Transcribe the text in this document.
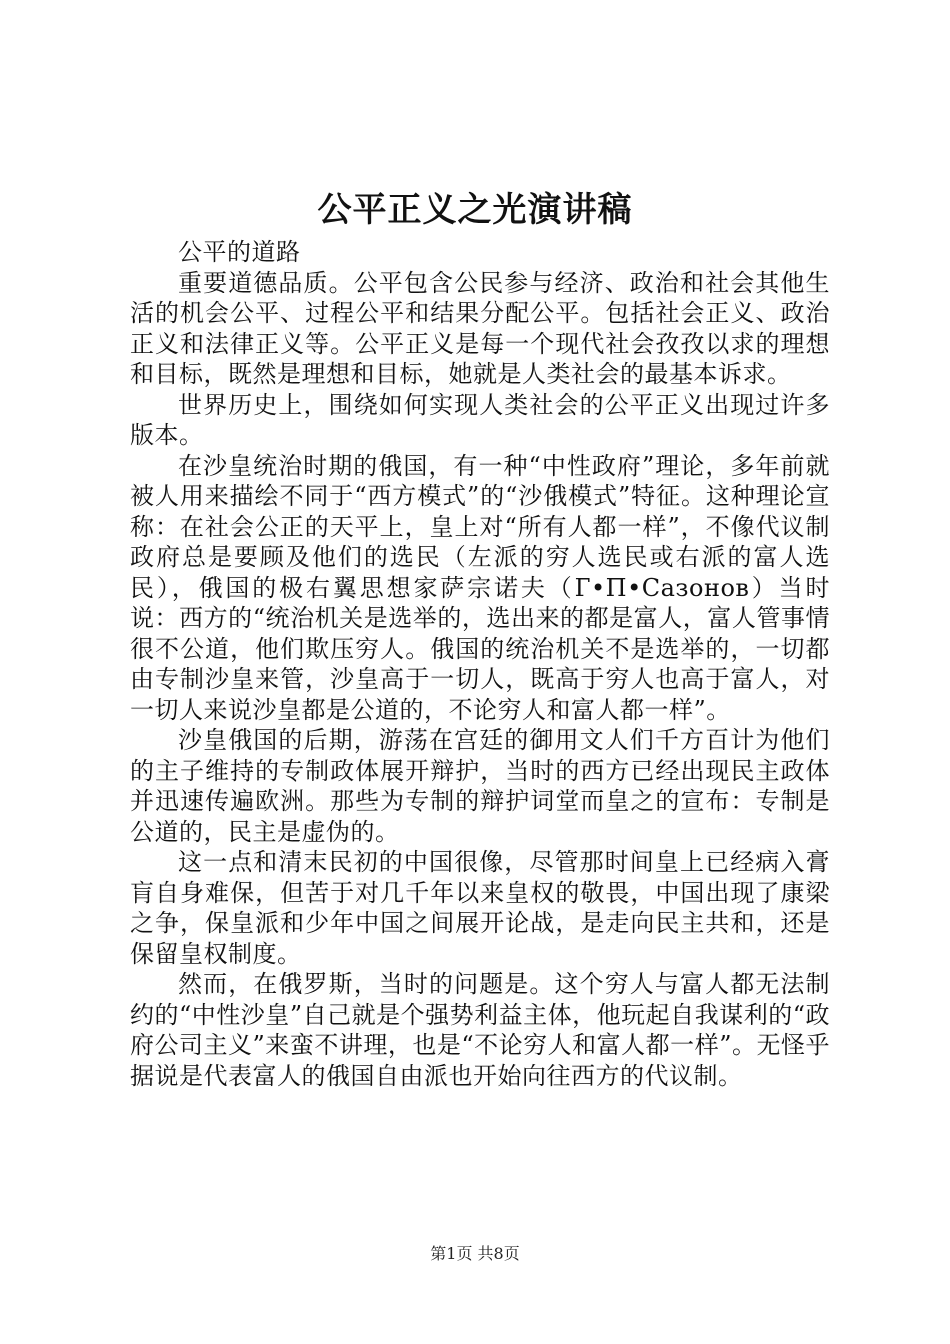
公平正义之光演讲稿

公平的道路

重要道德品质。公平包含公民参与经济、政治和社会其他生活的机会公平、过程公平和结果分配公平。包括社会正义、政治正义和法律正义等。公平正义是每一个现代社会孜孜以求的理想和目标，既然是理想和目标，她就是人类社会的最基本诉求。

世界历史上，围绕如何实现人类社会的公平正义出现过许多版本。

在沙皇统治时期的俄国，有一种“中性政府”理论，多年前就被人用来描绘不同于“西方模式”的“沙俄模式”特征。这种理论宣称：在社会公正的天平上，皇上对“所有人都一样”，不像代议制政府总是要顾及他们的选民（左派的穷人选民或右派的富人选民），俄国的极右翼思想家萨宗诺夫（Г•П•Сазонов）当时说：西方的“统治机关是选举的，选出来的都是富人，富人管事情很不公道，他们欺压穷人。俄国的统治机关不是选举的，一切都由专制沙皇来管，沙皇高于一切人，既高于穷人也高于富人，对一切人来说沙皇都是公道的，不论穷人和富人都一样”。

沙皇俄国的后期，游荡在宫廷的御用文人们千方百计为他们的主子维持的专制政体展开辩护，当时的西方已经出现民主政体并迅速传遍欧洲。那些为专制的辩护词堂而皇之的宣布：专制是公道的，民主是虚伪的。

这一点和清末民初的中国很像，尽管那时间皇上已经病入膏肓自身难保，但苦于对几千年以来皇权的敬畏，中国出现了康梁之争，保皇派和少年中国之间展开论战，是走向民主共和，还是保留皇权制度。

然而，在俄罗斯，当时的问题是。这个穷人与富人都无法制约的“中性沙皇”自己就是个强势利益主体，他玩起自我谋利的“政府公司主义”来蛮不讲理，也是“不论穷人和富人都一样”。无怪乎据说是代表富人的俄国自由派也开始向往西方的代议制。

第1页 共8页
